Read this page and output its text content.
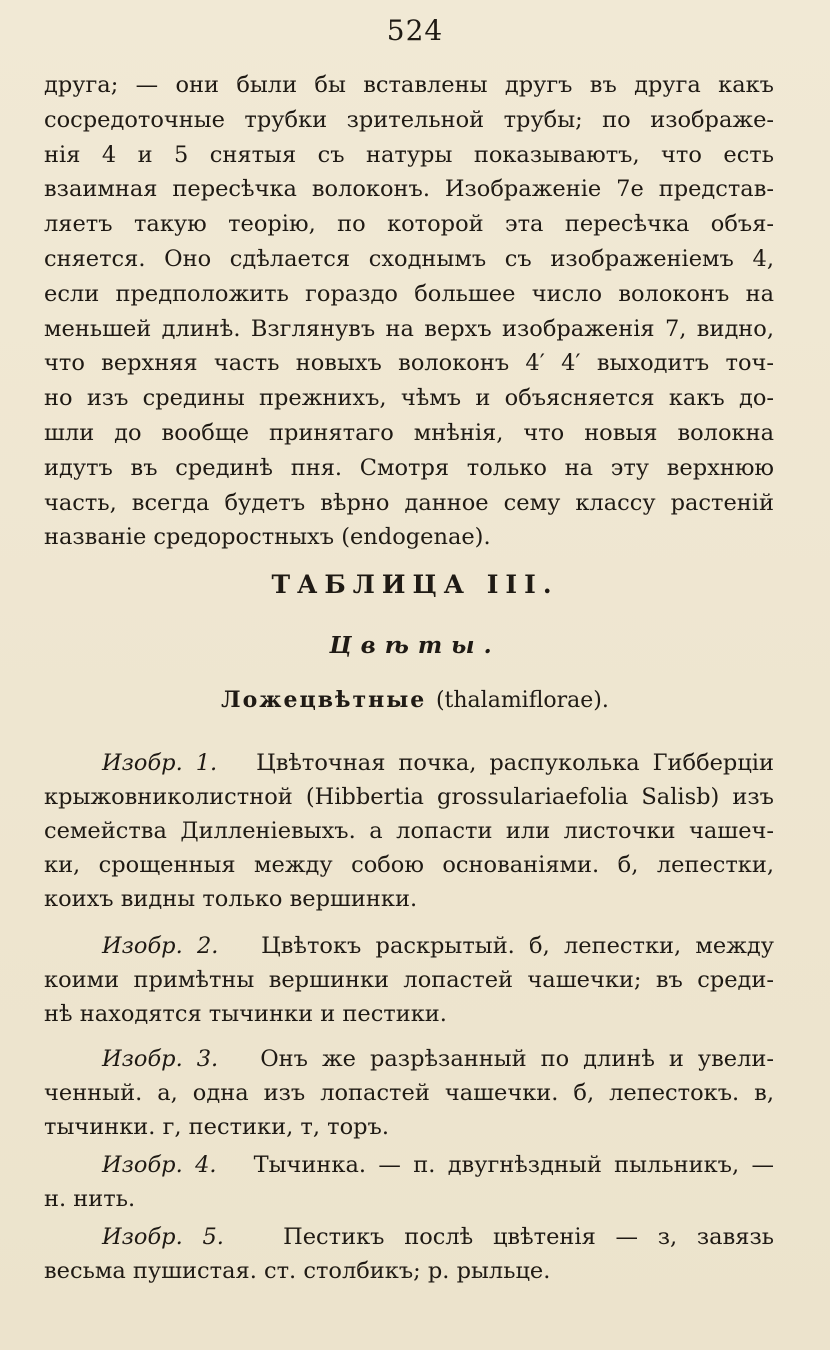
524
друга; — они были бы вставлены другъ въ друга какъ
сосредоточные трубки зрительной трубы; по изображе-
нія 4 и 5 снятыя съ натуры показываютъ, что есть
взаимная пересѣчка волоконъ. Изображеніе 7е представ-
ляетъ такую теорію, по которой эта пересѣчка объя-
сняется. Оно сдѣлается сходнымъ съ изображеніемъ 4,
если предположить гораздо большее число волоконъ на
меньшей длинѣ. Взглянувъ на верхъ изображенія 7, видно,
что верхняя часть новыхъ волоконъ 4′ 4′ выходитъ точ-
но изъ средины прежнихъ, чѣмъ и объясняется какъ до-
шли до вообще принятаго мнѣнія, что новыя волокна
идутъ въ срединѣ пня. Смотря только на эту верхнюю
часть, всегда будетъ вѣрно данное сему классу растеній
названіе средоростныхъ (endogenae).
ТАБЛИЦА III.
Цвѣты.
Ложецвѣтные (thalamiflorae).
Изобр. 1. Цвѣточная почка, распуколька Гибберціи
крыжовниколистной (Hibbertia grossulariaefolia Salisb) изъ
семейства Дилленіевыхъ. а лопасти или листочки чашеч-
ки, срощенныя между собою основаніями. б, лепестки,
коихъ видны только вершинки.
Изобр. 2. Цвѣтокъ раскрытый. б, лепестки, между
коими примѣтны вершинки лопастей чашечки; въ среди-
нѣ находятся тычинки и пестики.
Изобр. 3. Онъ же разрѣзанный по длинѣ и увели-
ченный. а, одна изъ лопастей чашечки. б, лепестокъ. в,
тычинки. г, пестики, т, торъ.
Изобр. 4. Тычинка. — п. двугнѣздный пыльникъ, —
н. нить.
Изобр. 5.	Пестикъ послѣ цвѣтенія — з, завязь
весьма пушистая. ст. столбикъ; р. рыльце.
